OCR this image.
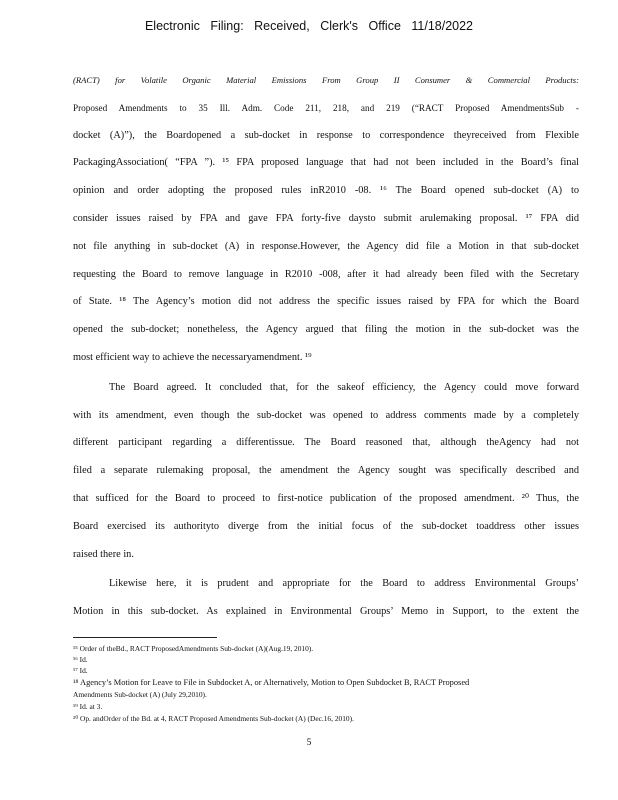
Electronic Filing: Received, Clerk's Office 11/18/2022
(RACT) for Volatile Organic Material Emissions From Group II Consumer & Commercial Products:
Proposed Amendments to 35 Ill. Adm. Code 211, 218, and 219 (“RACT Proposed AmendmentsSub -
docket (A)”), the Boardopened a sub-docket in response to correspondence theyreceived from Flexible
PackagingAssociation( “FPA ”). ¹⁵ FPA proposed language that had not been included in the Board’s final
opinion and order adopting the proposed rules inR2010 -08. ¹⁶ The Board opened sub-docket (A) to
consider issues raised by FPA and gave FPA forty-five daysto submit arulemaking proposal. ¹⁷ FPA did
not file anything in sub-docket (A) in response.However, the Agency did file a Motion in that sub-docket
requesting the Board to remove language in R2010 -008, after it had already been filed with the Secretary
of State. ¹⁸ The Agency’s motion did not address the specific issues raised by FPA for which the Board
opened the sub-docket; nonetheless, the Agency argued that filing the motion in the sub-docket was the
most efficient way to achieve the necessaryamendment. ¹⁹
The Board agreed. It concluded that, for the sakeof efficiency, the Agency could move forward
with its amendment, even though the sub-docket was opened to address comments made by a completely
different participant regarding a differentissue. The Board reasoned that, although theAgency had not
filed a separate rulemaking proposal, the amendment the Agency sought was specifically described and
that sufficed for the Board to proceed to first-notice publication of the proposed amendment. ²⁰ Thus, the
Board exercised its authorityto diverge from the initial focus of the sub-docket toaddress other issues
raised there in.
Likewise here, it is prudent and appropriate for the Board to address Environmental Groups’
Motion in this sub-docket. As explained in Environmental Groups’ Memo in Support, to the extent the
¹⁵ Order of theBd., RACT ProposedAmendments Sub-docket (A)(Aug.19, 2010).
¹⁶ Id.
¹⁷ Id.
¹⁸ Agency’s Motion for Leave to File in Subdocket A, or Alternatively, Motion to Open Subdocket B, RACT Proposed
Amendments Sub-docket (A) (July 29,2010).
¹⁹ Id. at 3.
²⁰ Op. andOrder of the Bd. at 4, RACT Proposed Amendments Sub-docket (A) (Dec.16, 2010).
5
